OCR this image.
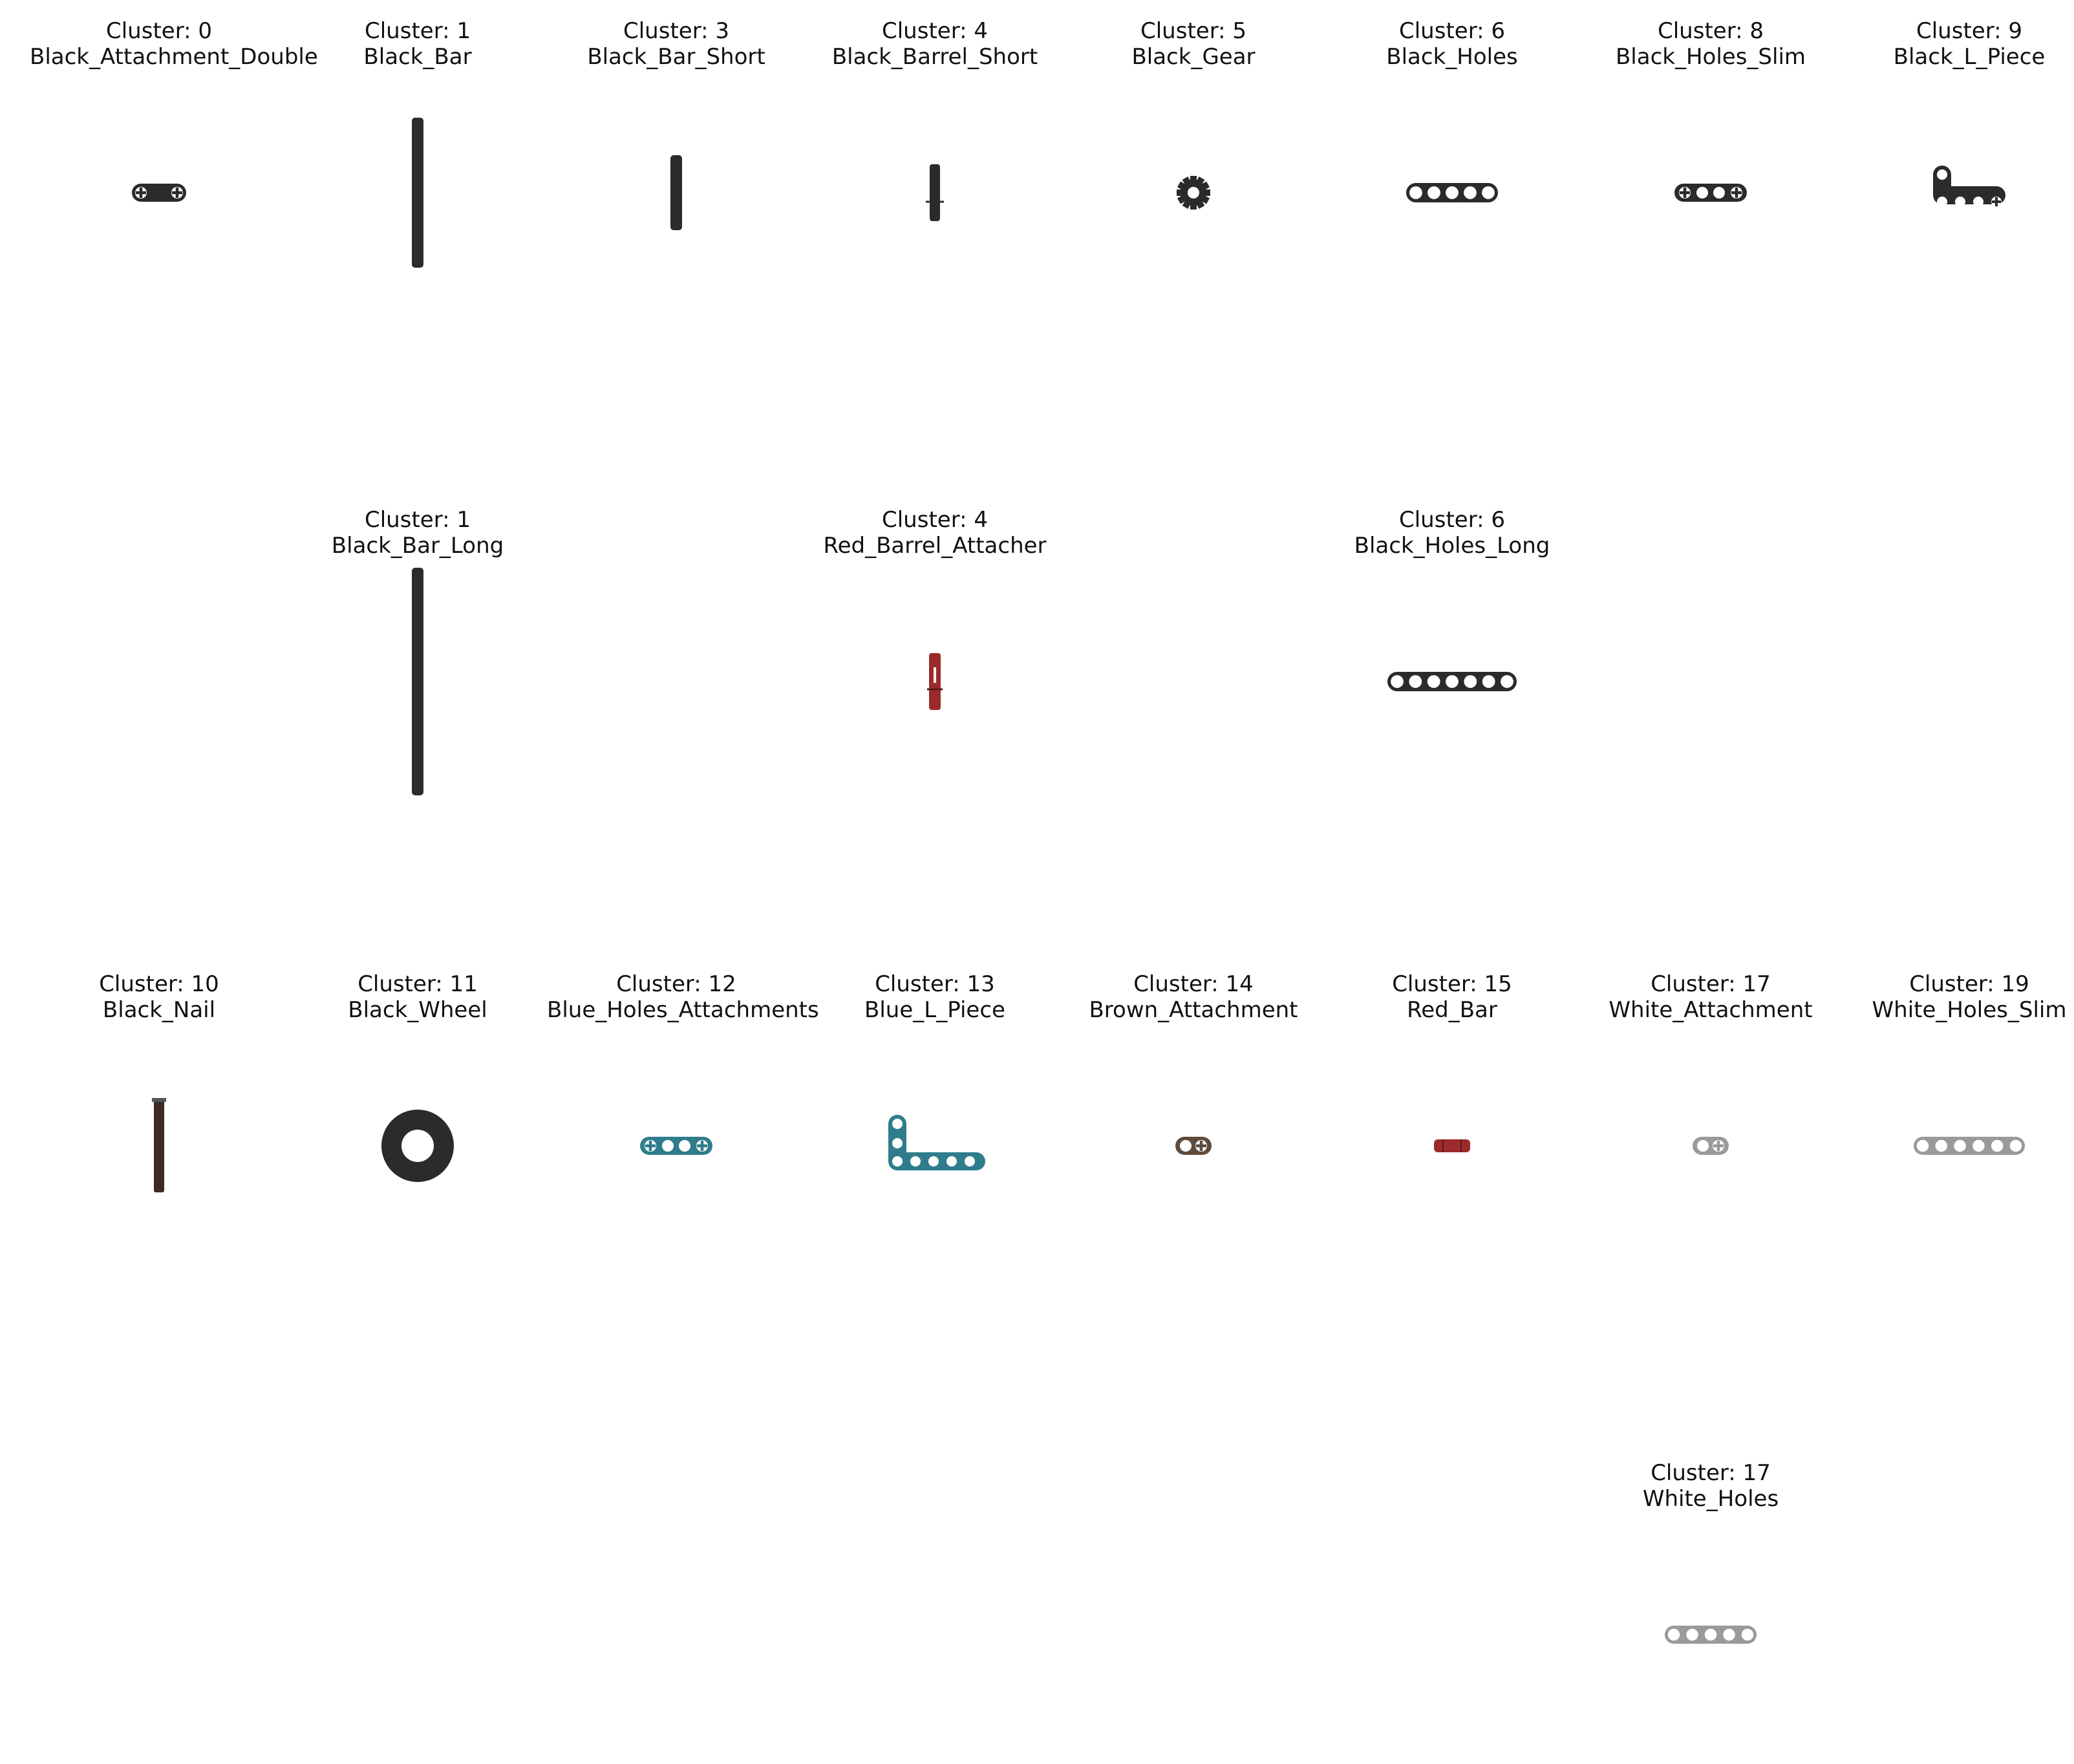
Cluster: 0
Black_Attachment_Double
Cluster: 1
Black_Bar
Cluster: 3
Black_Bar_Short
Cluster: 4
Black_Barrel_Short
Cluster: 5
Black_Gear
Cluster: 6
Black_Holes
Cluster: 8
Black_Holes_Slim
Cluster: 9
Black_L_Piece
Cluster: 1
Black_Bar_Long
Cluster: 4
Red_Barrel_Attacher
Cluster: 6
Black_Holes_Long
Cluster: 10
Black_Nail
Cluster: 11
Black_Wheel
Cluster: 12
Blue_Holes_Attachments
Cluster: 13
Blue_L_Piece
Cluster: 14
Brown_Attachment
Cluster: 15
Red_Bar
Cluster: 17
White_Attachment
Cluster: 19
White_Holes_Slim
Cluster: 17
White_Holes
